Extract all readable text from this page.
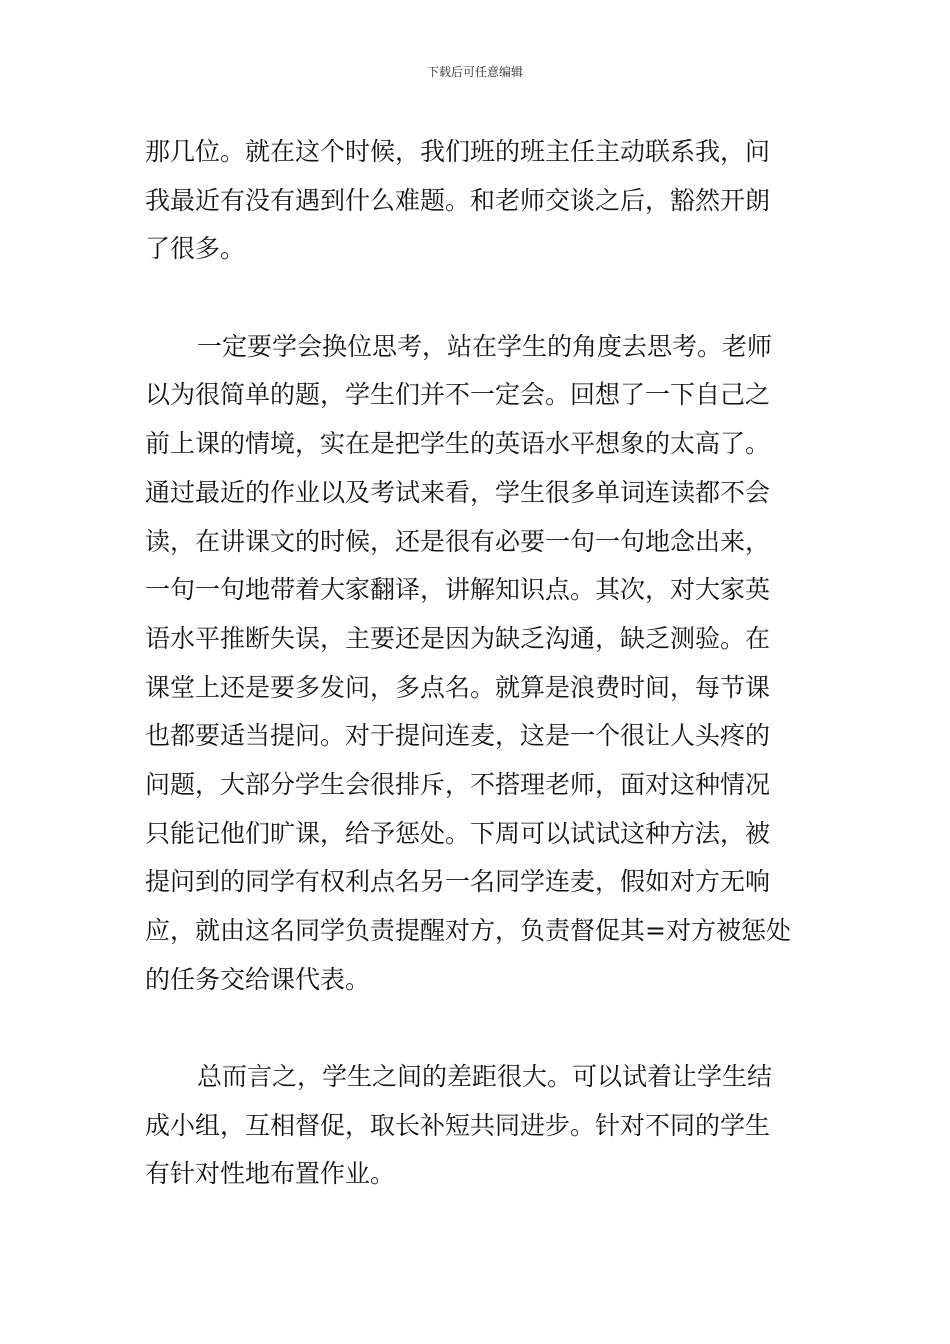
下载后可任意编辑
那几位。就在这个时候，我们班的班主任主动联系我，问
我最近有没有遇到什么难题。和老师交谈之后，豁然开朗
了很多。
一定要学会换位思考，站在学生的角度去思考。老师
以为很简单的题，学生们并不一定会。回想了一下自己之
前上课的情境，实在是把学生的英语水平想象的太高了。
通过最近的作业以及考试来看，学生很多单词连读都不会
读，在讲课文的时候，还是很有必要一句一句地念出来，
一句一句地带着大家翻译，讲解知识点。其次，对大家英
语水平推断失误，主要还是因为缺乏沟通，缺乏测验。在
课堂上还是要多发问，多点名。就算是浪费时间，每节课
也都要适当提问。对于提问连麦，这是一个很让人头疼的
问题，大部分学生会很排斥，不搭理老师，面对这种情况
只能记他们旷课，给予惩处。下周可以试试这种方法，被
提问到的同学有权利点名另一名同学连麦，假如对方无响
应，就由这名同学负责提醒对方，负责督促其=对方被惩处
的任务交给课代表。
总而言之，学生之间的差距很大。可以试着让学生结
成小组，互相督促，取长补短共同进步。针对不同的学生
有针对性地布置作业。
